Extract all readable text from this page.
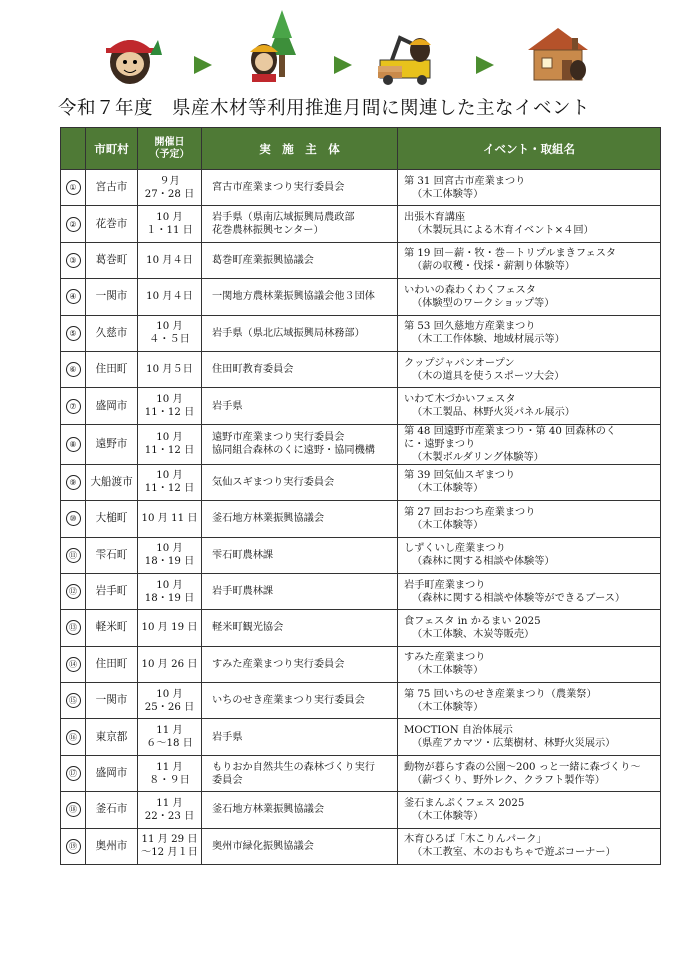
令和７年度　県産木材等利用推進月間に関連した主なイベント
	市町村	開催日
（予定）	実　施　主　体	イベント・取組名
①	宮古市	９月
27・28 日	宮古市産業まつり実行委員会	第 31 回宮古市産業まつり
（木工体験等）

②	花巻市	10 月
１・11 日	岩手県（県南広域振興局農政部
花巻農林振興センター）	出張木育講座
（木製玩具による木育イベント×４回）

③	葛巻町	10 月４日	葛巻町産業振興協議会	第 19 回－薪・牧・巻－トリプルまきフェスタ
（薪の収穫・伐採・薪割り体験等）

④	一関市	10 月４日	一関地方農林業振興協議会他３団体	いわいの森わくわくフェスタ
（体験型のワークショップ等）

⑤	久慈市	10 月
４・５日	岩手県（県北広域振興局林務部）	第 53 回久慈地方産業まつり
（木工工作体験、地域材展示等）

⑥	住田町	10 月５日	住田町教育委員会	クップジャパンオープン
（木の道具を使うスポーツ大会）

⑦	盛岡市	10 月
11・12 日	岩手県	いわて木づかいフェスタ
（木工製品、林野火災パネル展示）

⑧	遠野市	10 月
11・12 日	遠野市産業まつり実行委員会
協同組合森林のくに遠野・協同機構	第 48 回遠野市産業まつり・第 40 回森林のく
に・遠野まつり
（木製ボルダリング体験等）

⑨	大船渡市	10 月
11・12 日	気仙スギまつり実行委員会	第 39 回気仙スギまつり
（木工体験等）

⑩	大槌町	10 月 11 日	釜石地方林業振興協議会	第 27 回おおつち産業まつり
（木工体験等）

⑪	雫石町	10 月
18・19 日	雫石町農林課	しずくいし産業まつり
（森林に関する相談や体験等）

⑫	岩手町	10 月
18・19 日	岩手町農林課	岩手町産業まつり
（森林に関する相談や体験等ができるブース）

⑬	軽米町	10 月 19 日	軽米町観光協会	食フェスタ in かるまい 2025
（木工体験、木炭等販売）

⑭	住田町	10 月 26 日	すみた産業まつり実行委員会	すみた産業まつり
（木工体験等）

⑮	一関市	10 月
25・26 日	いちのせき産業まつり実行委員会	第 75 回いちのせき産業まつり（農業祭）
（木工体験等）

⑯	東京都	11 月
６～18 日	岩手県	MOCTION 自治体展示
（県産アカマツ・広葉樹材、林野火災展示）

⑰	盛岡市	11 月
８・９日	もりおか自然共生の森林づくり実行
委員会	動物が暮らす森の公園～200 っと一緒に森づくり～
（薪づくり、野外レク、クラフト製作等）

⑱	釜石市	11 月
22・23 日	釜石地方林業振興協議会	釜石まんぷくフェス 2025
（木工体験等）

⑲	奥州市	11 月 29 日
～12 月１日	奥州市緑化振興協議会	木育ひろば「木こりんパーク」
（木工教室、木のおもちゃで遊ぶコーナー）
